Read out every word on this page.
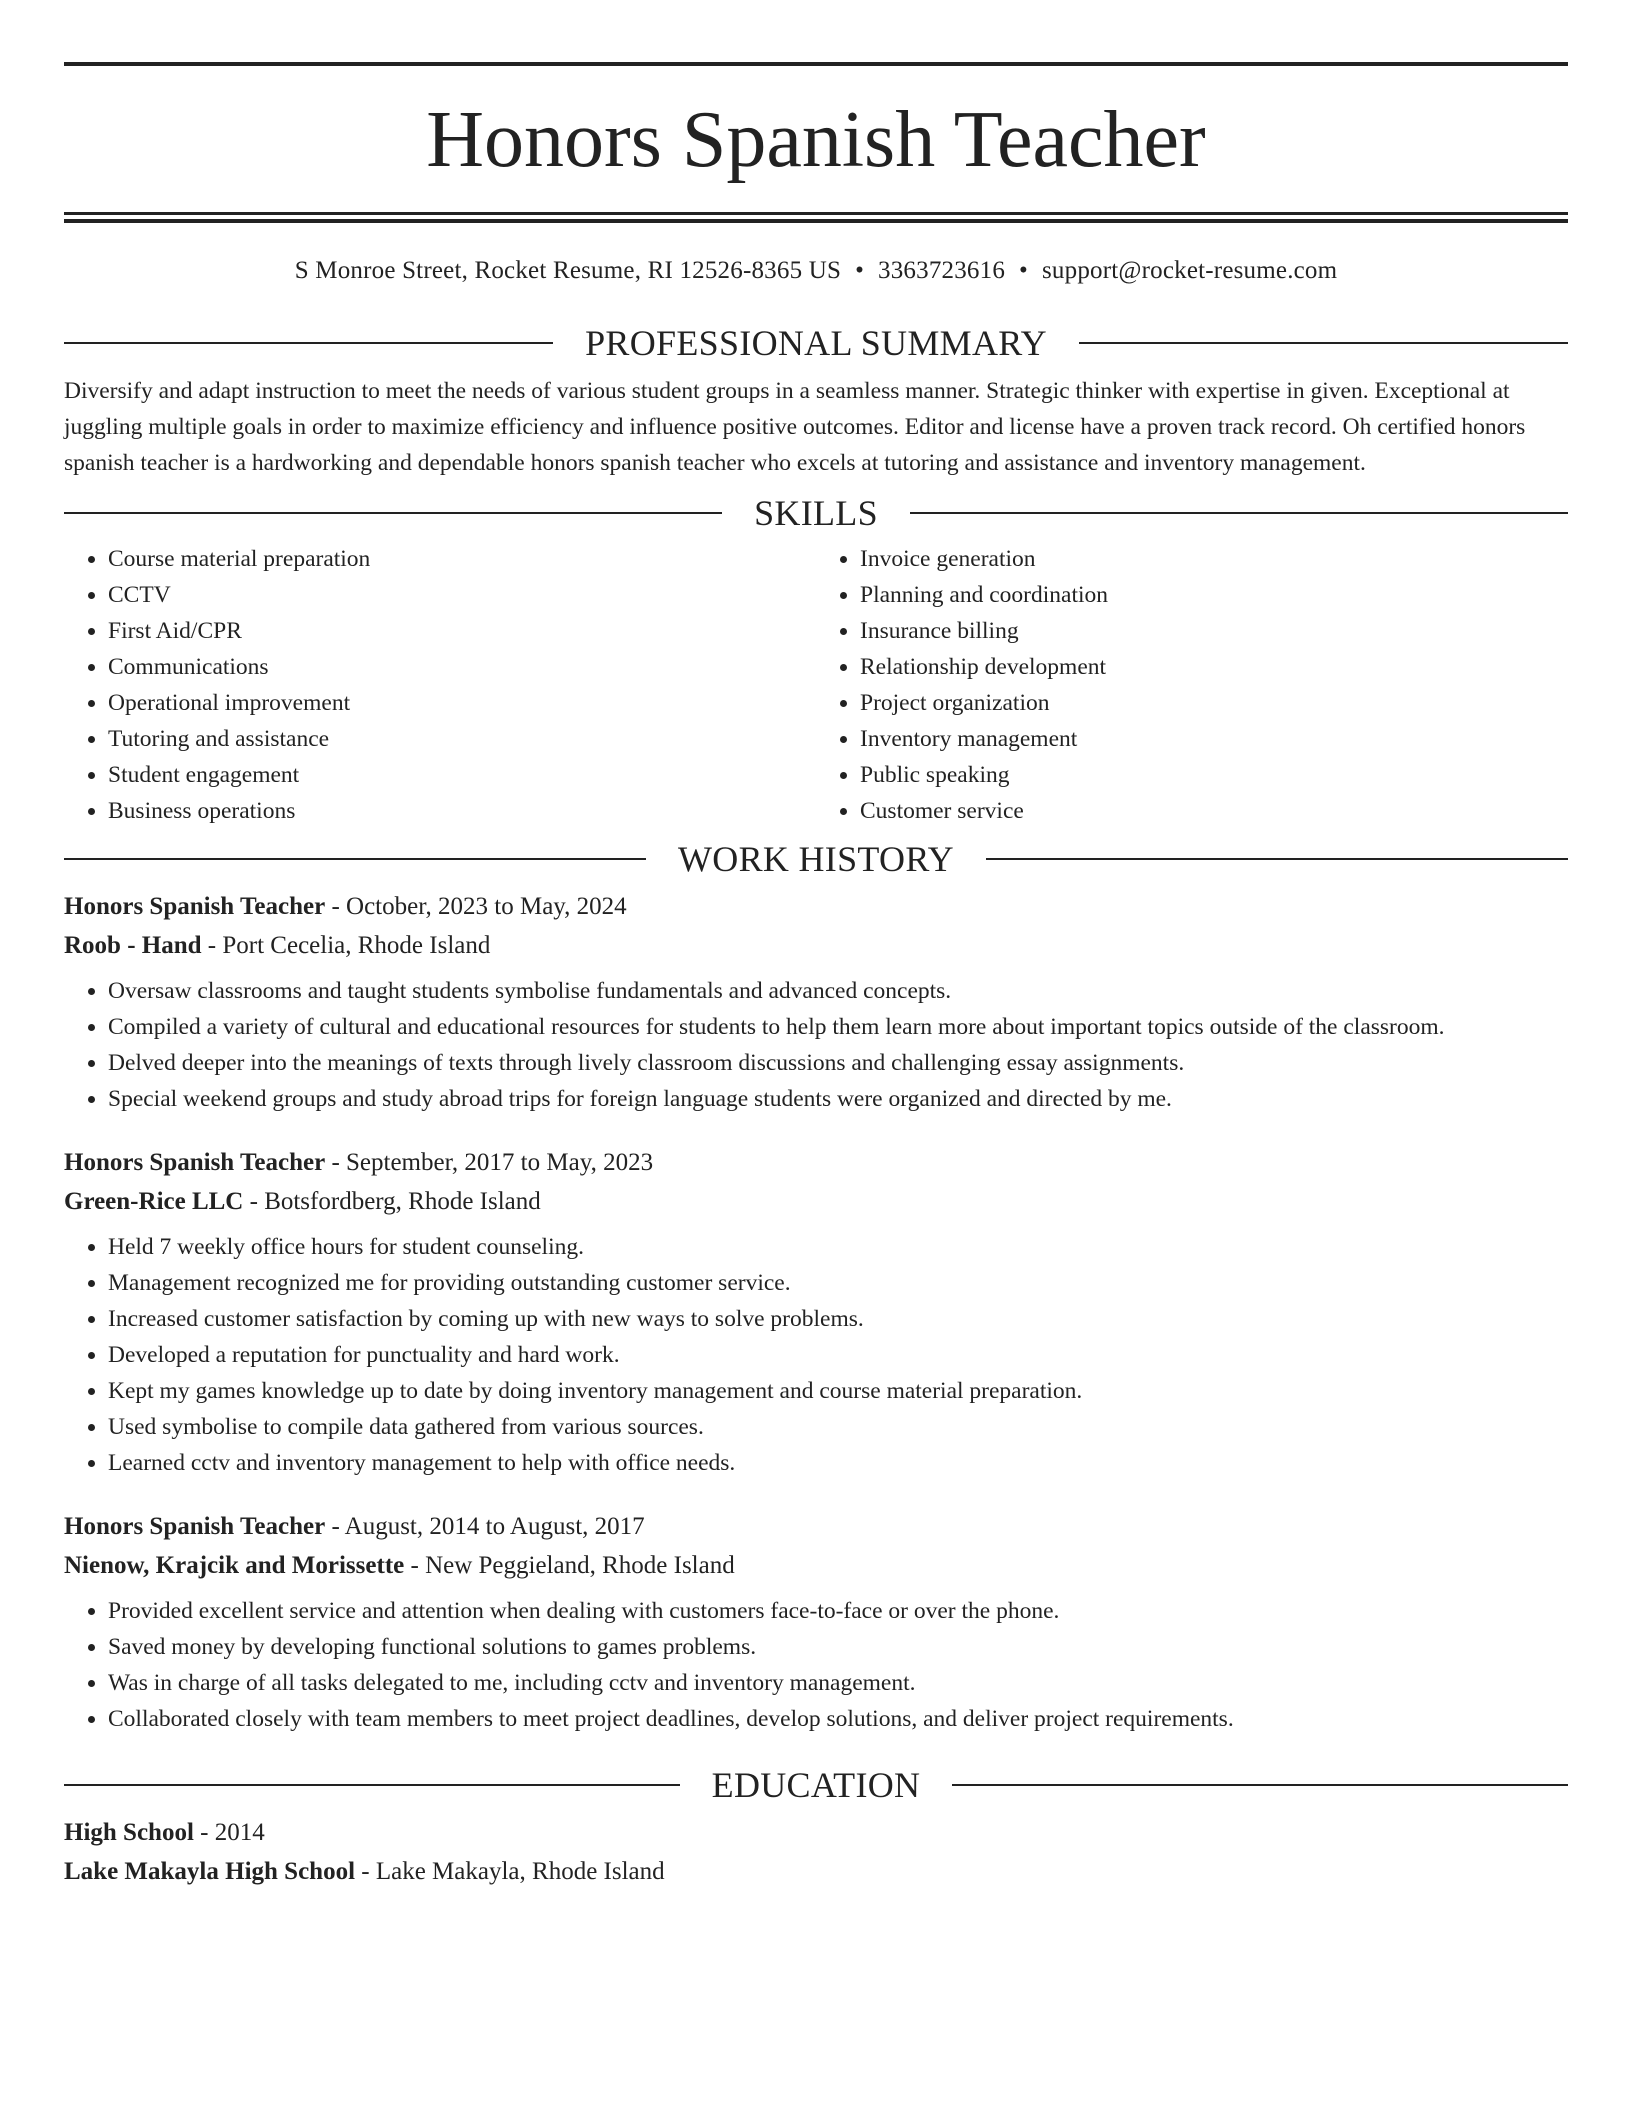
Honors Spanish Teacher
S Monroe Street, Rocket Resume, RI 12526-8365 US • 3363723616 • support@rocket-resume.com
PROFESSIONAL SUMMARY
Diversify and adapt instruction to meet the needs of various student groups in a seamless manner. Strategic thinker with expertise in given. Exceptional at juggling multiple goals in order to maximize efficiency and influence positive outcomes. Editor and license have a proven track record. Oh certified honors spanish teacher is a hardworking and dependable honors spanish teacher who excels at tutoring and assistance and inventory management.
SKILLS
• Course material preparation
• CCTV
• First Aid/CPR
• Communications
• Operational improvement
• Tutoring and assistance
• Student engagement
• Business operations
• Invoice generation
• Planning and coordination
• Insurance billing
• Relationship development
• Project organization
• Inventory management
• Public speaking
• Customer service
WORK HISTORY
Honors Spanish Teacher - October, 2023 to May, 2024
Roob - Hand - Port Cecelia, Rhode Island
• Oversaw classrooms and taught students symbolise fundamentals and advanced concepts.
• Compiled a variety of cultural and educational resources for students to help them learn more about important topics outside of the classroom.
• Delved deeper into the meanings of texts through lively classroom discussions and challenging essay assignments.
• Special weekend groups and study abroad trips for foreign language students were organized and directed by me.
Honors Spanish Teacher - September, 2017 to May, 2023
Green-Rice LLC - Botsfordberg, Rhode Island
• Held 7 weekly office hours for student counseling.
• Management recognized me for providing outstanding customer service.
• Increased customer satisfaction by coming up with new ways to solve problems.
• Developed a reputation for punctuality and hard work.
• Kept my games knowledge up to date by doing inventory management and course material preparation.
• Used symbolise to compile data gathered from various sources.
• Learned cctv and inventory management to help with office needs.
Honors Spanish Teacher - August, 2014 to August, 2017
Nienow, Krajcik and Morissette - New Peggieland, Rhode Island
• Provided excellent service and attention when dealing with customers face-to-face or over the phone.
• Saved money by developing functional solutions to games problems.
• Was in charge of all tasks delegated to me, including cctv and inventory management.
• Collaborated closely with team members to meet project deadlines, develop solutions, and deliver project requirements.
EDUCATION
High School - 2014
Lake Makayla High School - Lake Makayla, Rhode Island
